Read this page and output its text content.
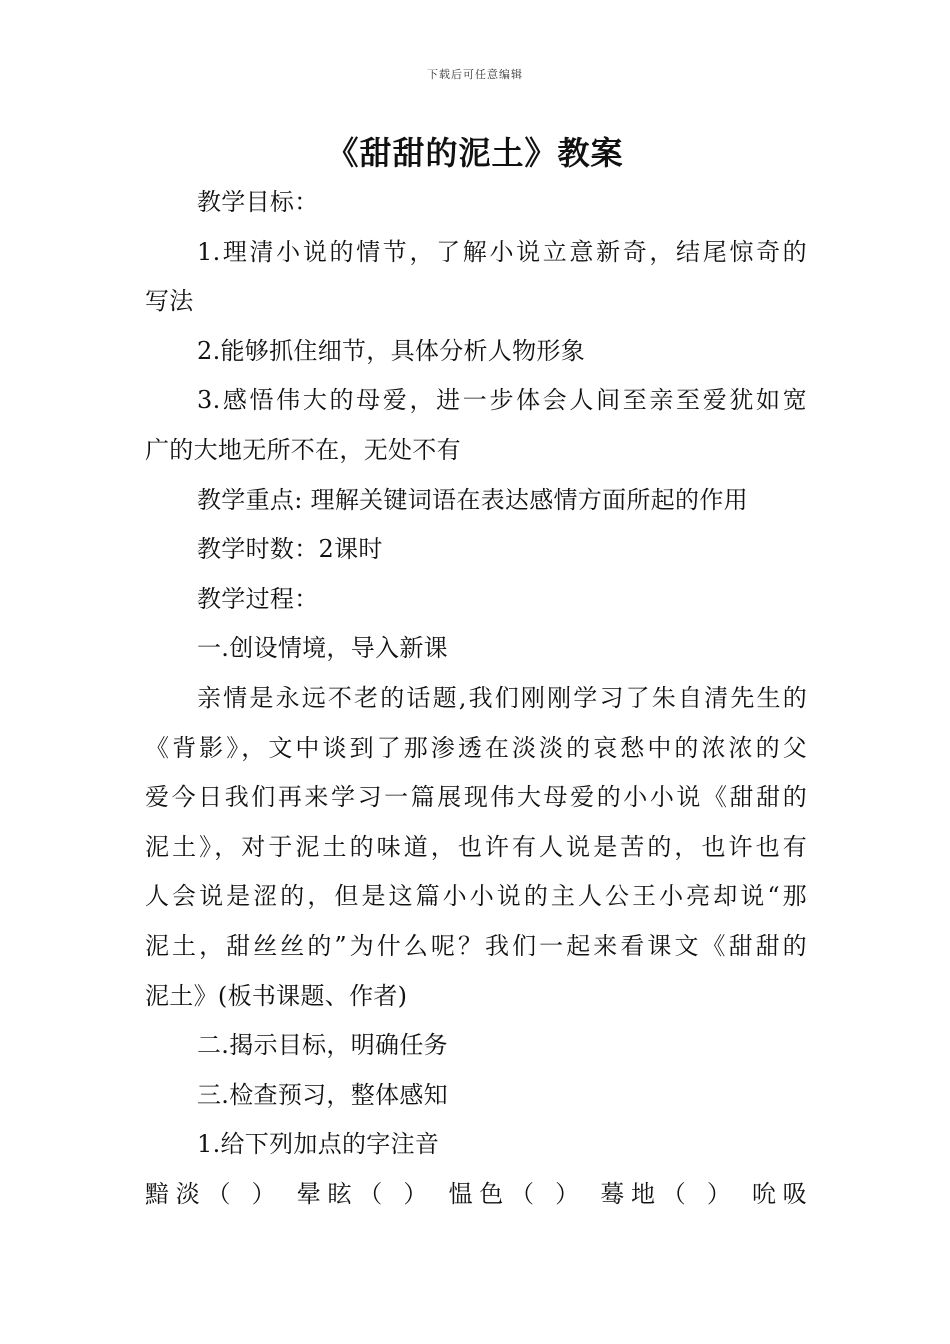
下载后可任意编辑
《甜甜的泥土》教案
教学目标：
1.理清小说的情节，了解小说立意新奇，结尾惊奇的
写法
2.能够抓住细节，具体分析人物形象
3.感悟伟大的母爱，进一步体会人间至亲至爱犹如宽
广的大地无所不在，无处不有
教学重点: 理解关键词语在表达感情方面所起的作用
教学时数：2课时
教学过程：
一.创设情境，导入新课
亲情是永远不老的话题,我们刚刚学习了朱自清先生的
《背影》，文中谈到了那渗透在淡淡的哀愁中的浓浓的父
爱今日我们再来学习一篇展现伟大母爱的小小说《甜甜的
泥土》，对于泥土的味道，也许有人说是苦的，也许也有
人会说是涩的，但是这篇小小说的主人公王小亮却说“那
泥土，甜丝丝的”为什么呢？我们一起来看课文《甜甜的
泥土》(板书课题、作者)
二.揭示目标，明确任务
三.检查预习，整体感知
1.给下列加点的字注音
黯淡（ ） 晕眩（ ） 愠色（ ） 蓦地（ ） 吮吸
